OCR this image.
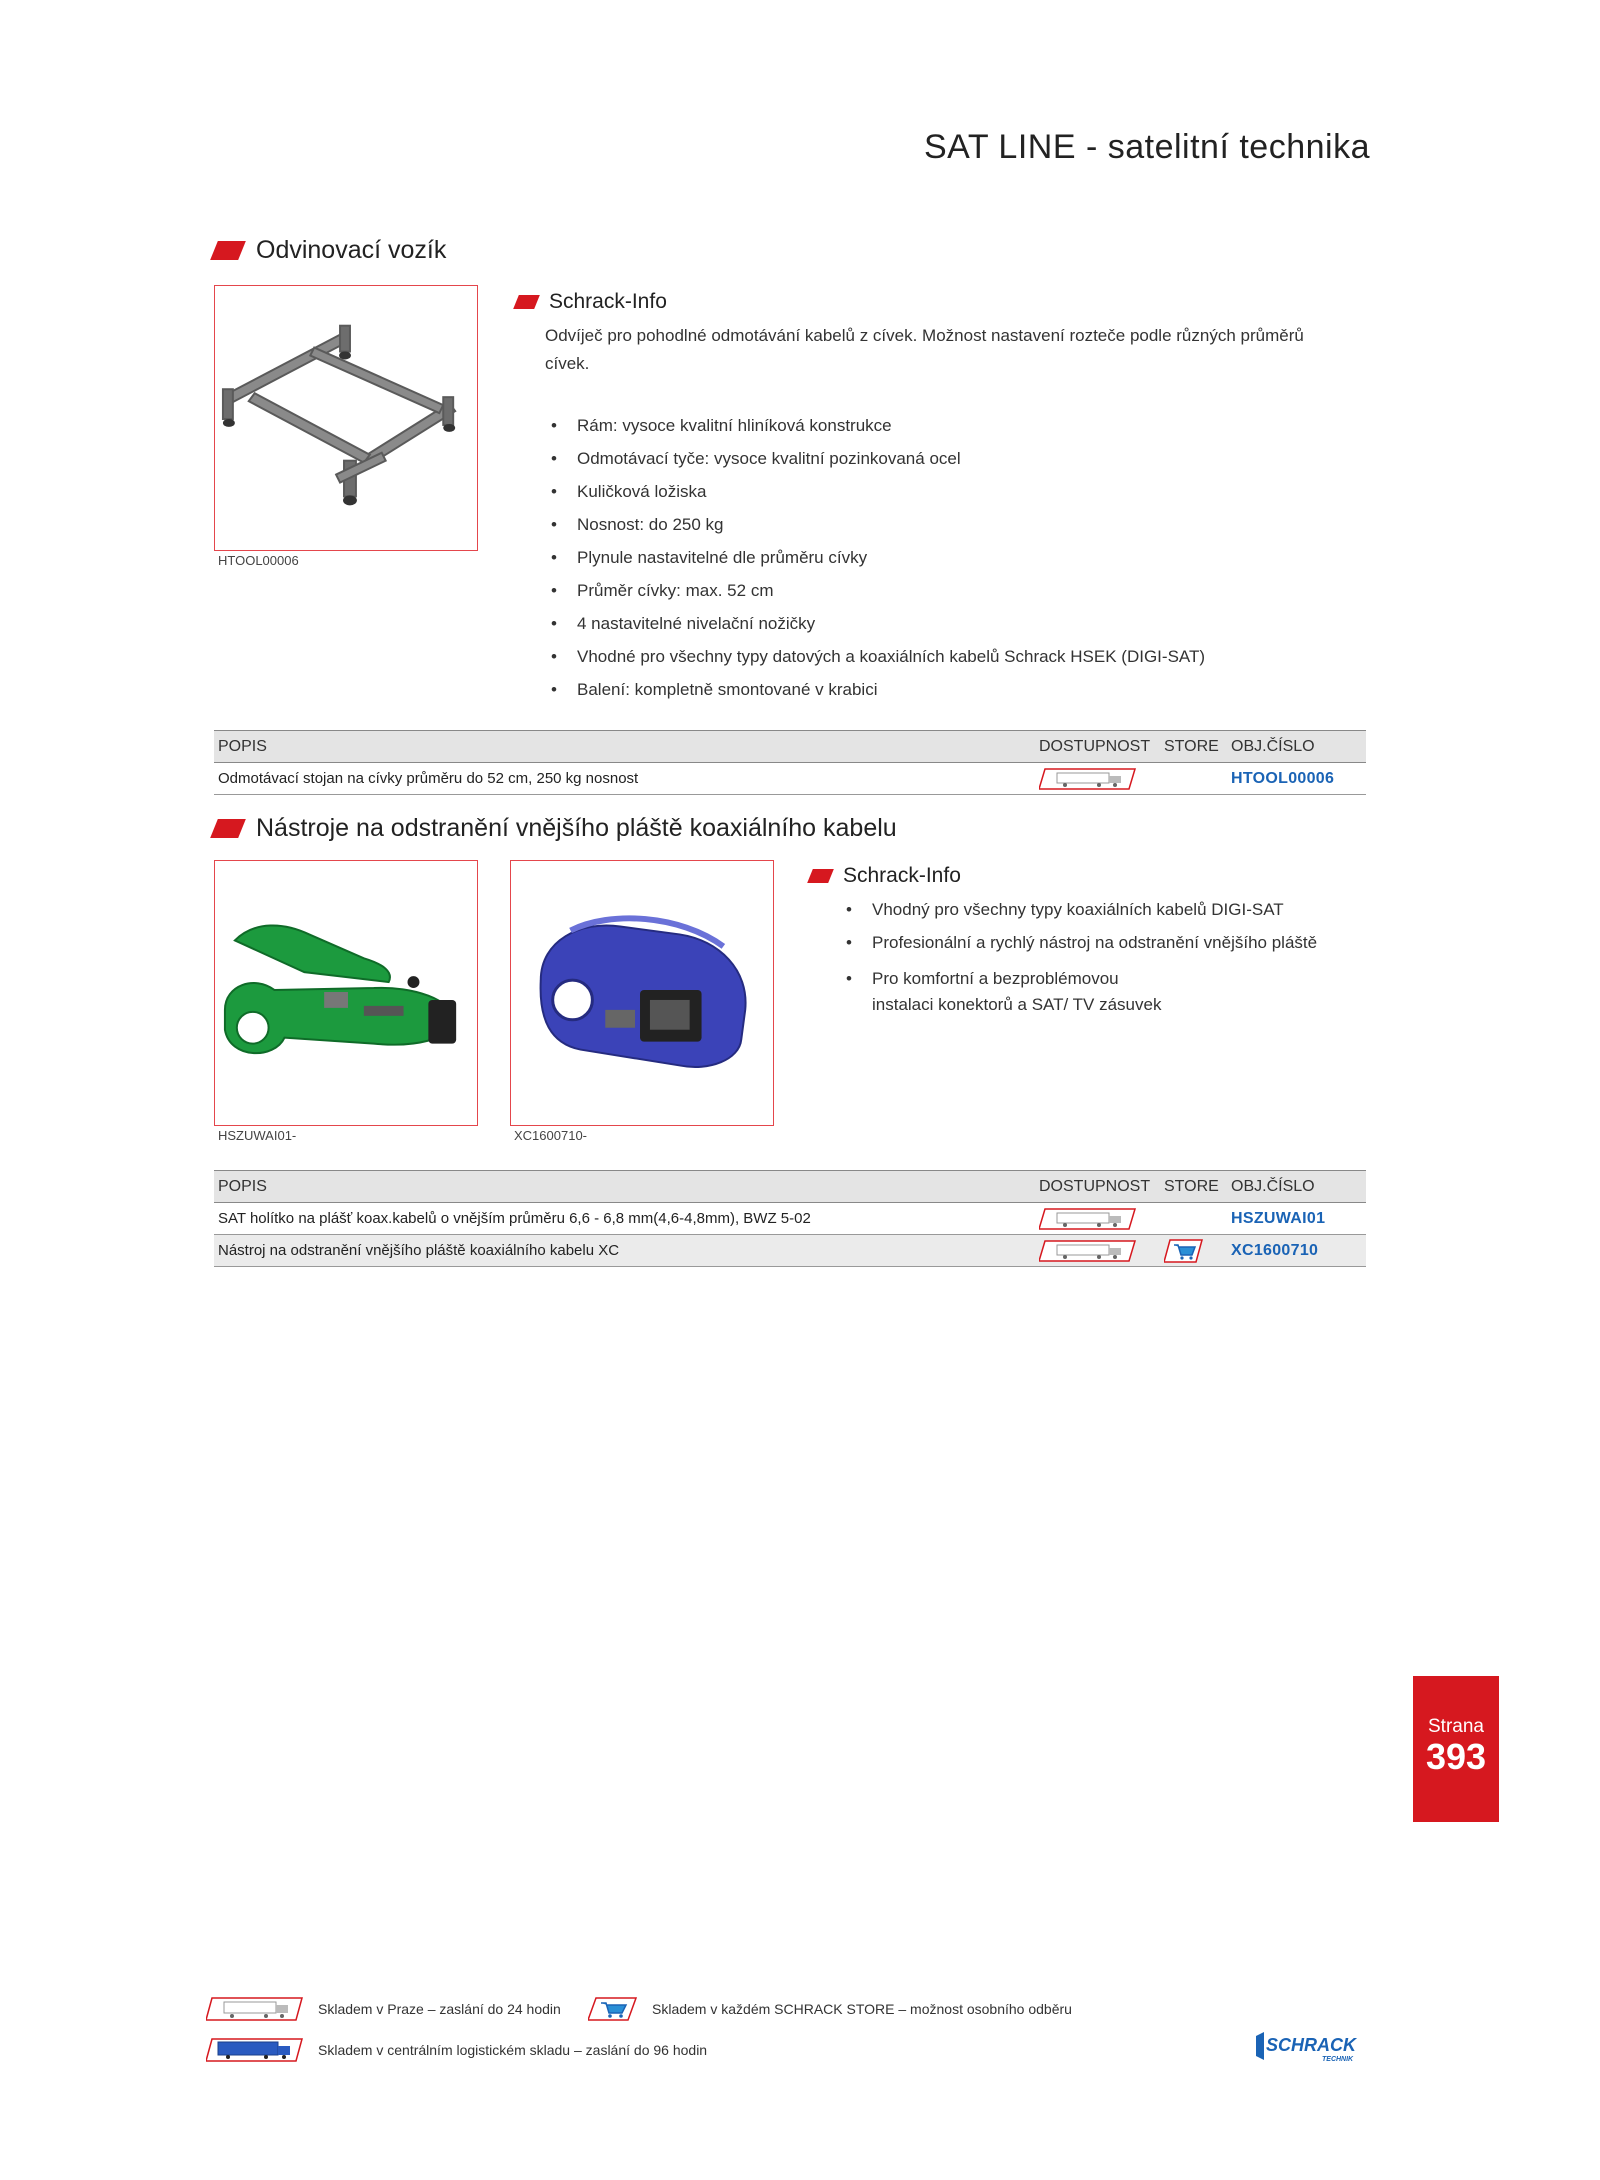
SAT LINE - satelitní technika
Odvinovací vozík
HTOOL00006
Schrack-Info
Odvíječ pro pohodlné odmotávání kabelů z cívek. Možnost nastavení rozteče podle různých průměrů cívek.
• Rám: vysoce kvalitní hliníková konstrukce
• Odmotávací tyče: vysoce kvalitní pozinkovaná ocel
• Kuličková ložiska
• Nosnost: do 250 kg
• Plynule nastavitelné dle průměru cívky
• Průměr cívky: max. 52 cm
• 4 nastavitelné nivelační nožičky
• Vhodné pro všechny typy datových a koaxiálních kabelů Schrack HSEK (DIGI-SAT)
• Balení: kompletně smontované v krabici
POPIS	DOSTUPNOST	STORE	OBJ.ČÍSLO
Odmotávací stojan na cívky průměru do 52 cm, 250 kg nosnost			HTOOL00006
Nástroje na odstranění vnějšího pláště koaxiálního kabelu
HSZUWAI01-	XC1600710-
Schrack-Info
• Vhodný pro všechny typy koaxiálních kabelů DIGI-SAT
• Profesionální a rychlý nástroj na odstranění vnějšího pláště
• Pro komfortní a bezproblémovou instalaci konektorů a SAT/ TV zásuvek
POPIS	DOSTUPNOST	STORE	OBJ.ČÍSLO
SAT holítko na plášť koax.kabelů o vnějším průměru 6,6 - 6,8 mm(4,6-4,8mm), BWZ 5-02			HSZUWAI01
Nástroj na odstranění vnějšího pláště koaxiálního kabelu XC			XC1600710
Strana
393
Skladem v Praze – zaslání do 24 hodin	Skladem v každém SCHRACK STORE – možnost osobního odběru
Skladem v centrálním logistickém skladu – zaslání do 96 hodin	SCHRACK
TECHNIK
